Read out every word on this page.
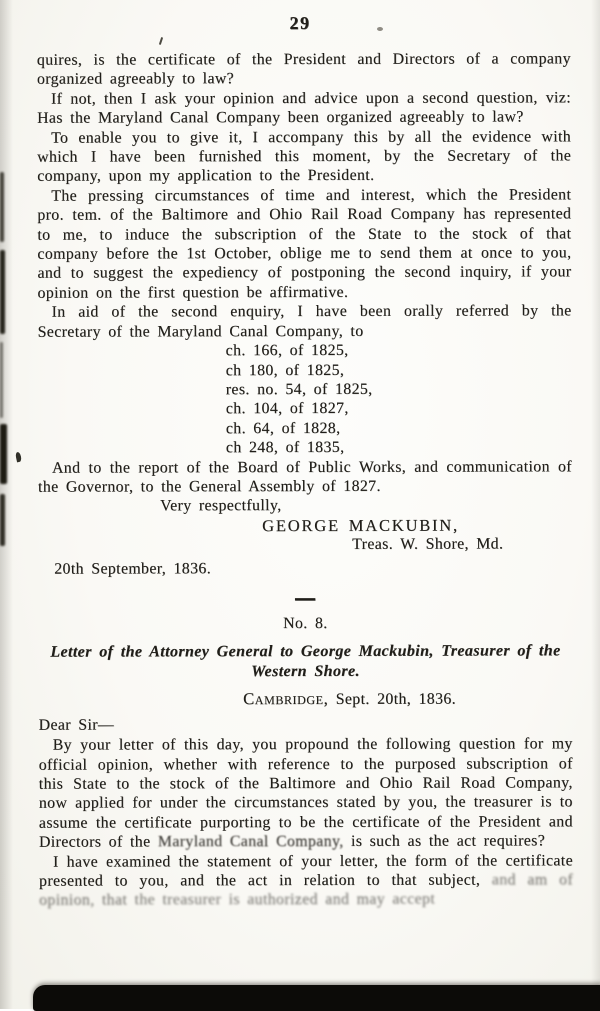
29

quires, is the certificate of the President and Directors of a company organized agreeably to law?

If not, then I ask your opinion and advice upon a second question, viz: Has the Maryland Canal Company been organized agreeably to law?

To enable you to give it, I accompany this by all the evidence with which I have been furnished this moment, by the Secretary of the company, upon my application to the President.

The pressing circumstances of time and interest, which the President pro. tem. of the Baltimore and Ohio Rail Road Company has represented to me, to induce the subscription of the State to the stock of that company before the 1st October, oblige me to send them at once to you, and to suggest the expediency of postponing the second inquiry, if your opinion on the first question be affirmative.

In aid of the second enquiry, I have been orally referred by the Secretary of the Maryland Canal Company, to

ch. 166, of 1825,
ch 180, of 1825,
res. no. 54, of 1825,
ch. 104, of 1827,
ch. 64, of 1828,
ch 248, of 1835,

And to the report of the Board of Public Works, and communication of the Governor, to the General Assembly of 1827.

Very respectfully,
GEORGE MACKUBIN,
Treas. W. Shore, Md.
20th September, 1836.
—
No. 8.
Letter of the Attorney General to George Mackubin, Treasurer of the Western Shore.
Cambridge, Sept. 20th, 1836.
Dear Sir—

By your letter of this day, you propound the following question for my official opinion, whether with reference to the purposed subscription of this State to the stock of the Baltimore and Ohio Rail Road Company, now applied for under the circumstances stated by you, the treasurer is to assume the certificate purporting to be the certificate of the President and Directors of the Maryland Canal Company, is such as the act requires?

I have examined the statement of your letter, the form of the certificate presented to you, and the act in relation to that subject, and am of opinion, that the treasurer is authorized and may accept
